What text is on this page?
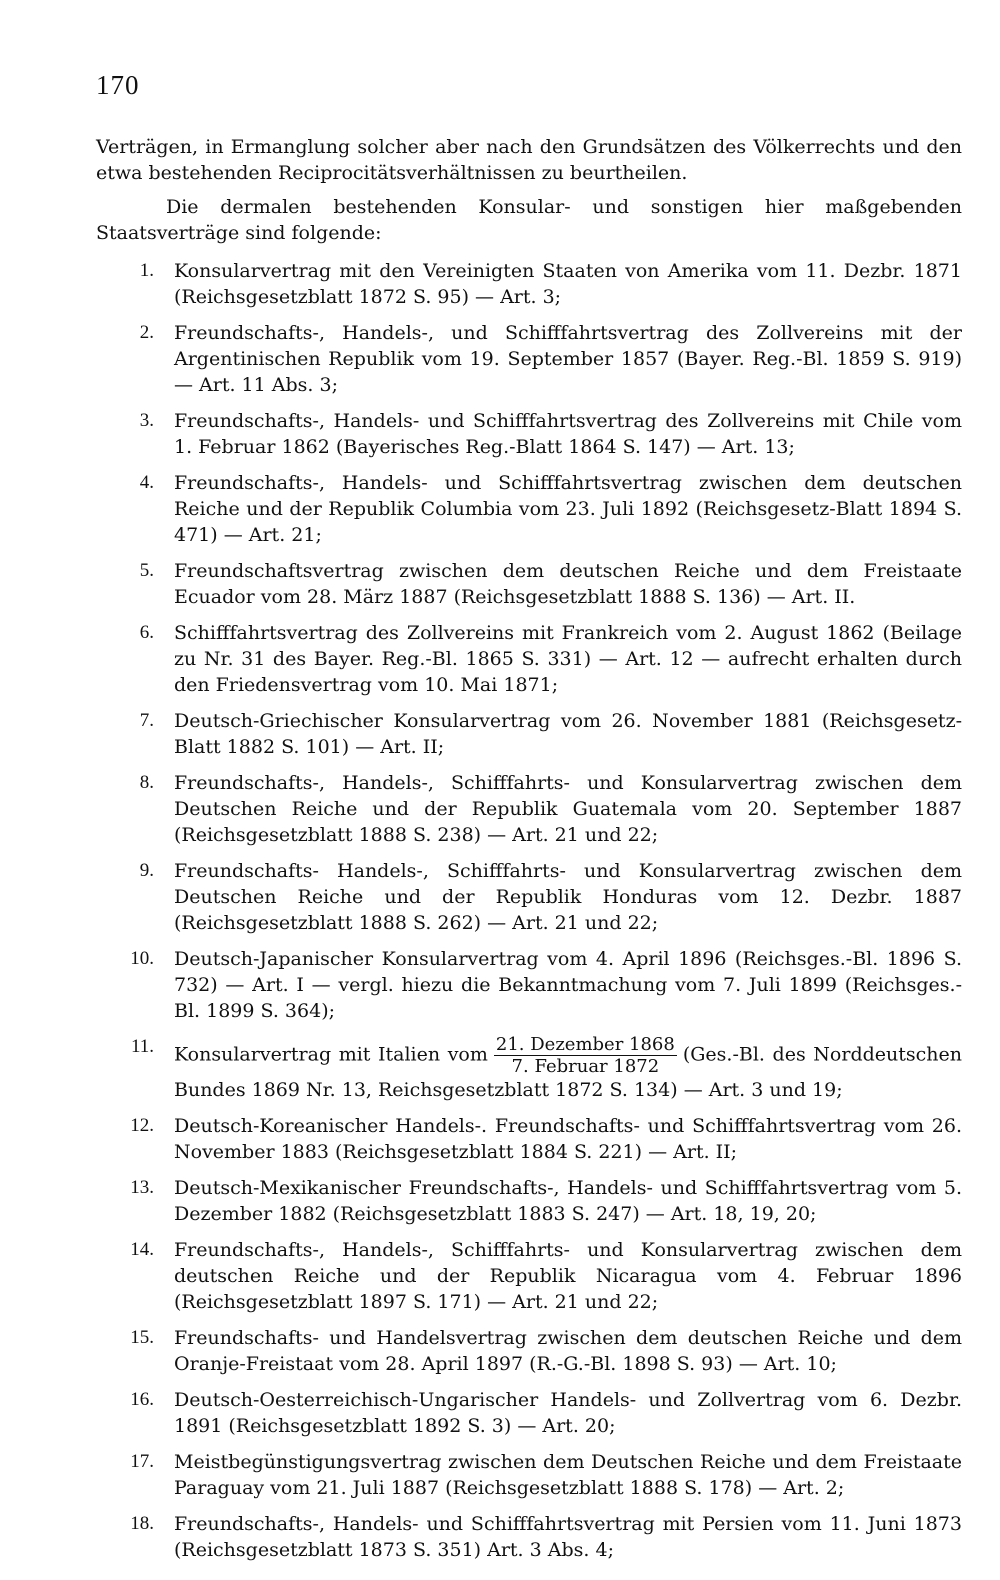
170

Verträgen, in Ermanglung solcher aber nach den Grundsätzen des Völkerrechts und den etwa bestehenden Reciprocitätsverhältnissen zu beurtheilen.

Die dermalen bestehenden Konsular- und sonstigen hier maßgebenden Staatsverträge sind folgende:

1. Konsularvertrag mit den Vereinigten Staaten von Amerika vom 11. Dezbr. 1871 (Reichsgesetzblatt 1872 S. 95) — Art. 3;
2. Freundschafts-, Handels-, und Schifffahrtsvertrag des Zollvereins mit der Argentinischen Republik vom 19. September 1857 (Bayer. Reg.-Bl. 1859 S. 919) — Art. 11 Abs. 3;
3. Freundschafts-, Handels- und Schifffahrtsvertrag des Zollvereins mit Chile vom 1. Februar 1862 (Bayerisches Reg.-Blatt 1864 S. 147) — Art. 13;
4. Freundschafts-, Handels- und Schifffahrtsvertrag zwischen dem deutschen Reiche und der Republik Columbia vom 23. Juli 1892 (Reichsgesetz-Blatt 1894 S. 471) — Art. 21;
5. Freundschaftsvertrag zwischen dem deutschen Reiche und dem Freistaate Ecuador vom 28. März 1887 (Reichsgesetzblatt 1888 S. 136) — Art. II.
6. Schifffahrtsvertrag des Zollvereins mit Frankreich vom 2. August 1862 (Beilage zu Nr. 31 des Bayer. Reg.-Bl. 1865 S. 331) — Art. 12 — aufrecht erhalten durch den Friedensvertrag vom 10. Mai 1871;
7. Deutsch-Griechischer Konsularvertrag vom 26. November 1881 (Reichsgesetz-Blatt 1882 S. 101) — Art. II;
8. Freundschafts-, Handels-, Schifffahrts- und Konsularvertrag zwischen dem Deutschen Reiche und der Republik Guatemala vom 20. September 1887 (Reichsgesetzblatt 1888 S. 238) — Art. 21 und 22;
9. Freundschafts- Handels-, Schifffahrts- und Konsularvertrag zwischen dem Deutschen Reiche und der Republik Honduras vom 12. Dezbr. 1887 (Reichsgesetzblatt 1888 S. 262) — Art. 21 und 22;
10. Deutsch-Japanischer Konsularvertrag vom 4. April 1896 (Reichsges.-Bl. 1896 S. 732) — Art. I — vergl. hiezu die Bekanntmachung vom 7. Juli 1899 (Reichsges.-Bl. 1899 S. 364);
11. Konsularvertrag mit Italien vom $\frac{\text{21. Dezember 1868}}{\text{7. Februar 1872}} (Ges.-Bl$. des Norddeutschen Bundes 1869 Nr. 13, Reichsgesetzblatt 1872 S. 134) — Art. 3 und 19;
12. Deutsch-Koreanischer Handels-. Freundschafts- und Schifffahrtsvertrag vom 26. November 1883 (Reichsgesetzblatt 1884 S. 221) — Art. II;
13. Deutsch-Mexikanischer Freundschafts-, Handels- und Schifffahrtsvertrag vom 5. Dezember 1882 (Reichsgesetzblatt 1883 S. 247) — Art. 18, 19, 20;
14. Freundschafts-, Handels-, Schifffahrts- und Konsularvertrag zwischen dem deutschen Reiche und der Republik Nicaragua vom 4. Februar 1896 (Reichsgesetzblatt 1897 S. 171) — Art. 21 und 22;
15. Freundschafts- und Handelsvertrag zwischen dem deutschen Reiche und dem Oranje-Freistaat vom 28. April 1897 (R.-G.-Bl. 1898 S. 93) — Art. 10;
16. Deutsch-Oesterreichisch-Ungarischer Handels- und Zollvertrag vom 6. Dezbr. 1891 (Reichsgesetzblatt 1892 S. 3) — Art. 20;
17. Meistbegünstigungsvertrag zwischen dem Deutschen Reiche und dem Freistaate Paraguay vom 21. Juli 1887 (Reichsgesetzblatt 1888 S. 178) — Art. 2;
18. Freundschafts-, Handels- und Schifffahrtsvertrag mit Persien vom 11. Juni 1873 (Reichsgesetzblatt 1873 S. 351) Art. 3 Abs. 4;
